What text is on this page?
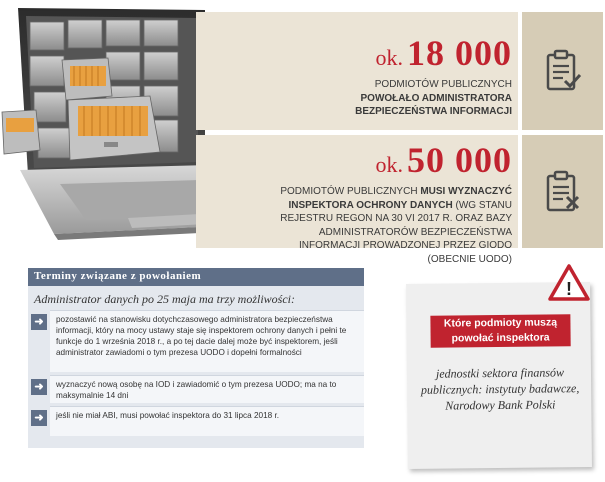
ok. 18 000
PODMIOTÓW PUBLICZNYCH
POWOŁAŁO ADMINISTRATORA BEZPIECZEŃSTWA INFORMACJI
ok. 50 000
PODMIOTÓW PUBLICZNYCH MUSI WYZNACZYĆ INSPEKTORA OCHRONY DANYCH (WG STANU REJESTRU REGON NA 30 VI 2017 R. ORAZ BAZY ADMINISTRATORÓW BEZPIECZEŃSTWA INFORMACJI PROWADZONEJ PRZEZ GIODO (OBECNIE UODO)
Terminy związane z powołaniem
Administrator danych po 25 maja ma trzy możliwości:
➜	pozostawić na stanowisku dotychczasowego administratora bezpieczeństwa informacji, który na mocy ustawy staje się inspektorem ochrony danych i pełni te funkcje do 1 września 2018 r., a po tej dacie dalej może być inspektorem, jeśli administrator zawiadomi o tym prezesa UODO i dopełni formalności
➜	wyznaczyć nową osobę na IOD i zawiadomić o tym prezesa UODO; ma na to maksymalnie 14 dni
➜	jeśli nie miał ABI, musi powołać inspektora do 31 lipca 2018 r.
Które podmioty muszą powołać inspektora
jednostki sektora finansów publicznych: instytuty badawcze, Narodowy Bank Polski
!
